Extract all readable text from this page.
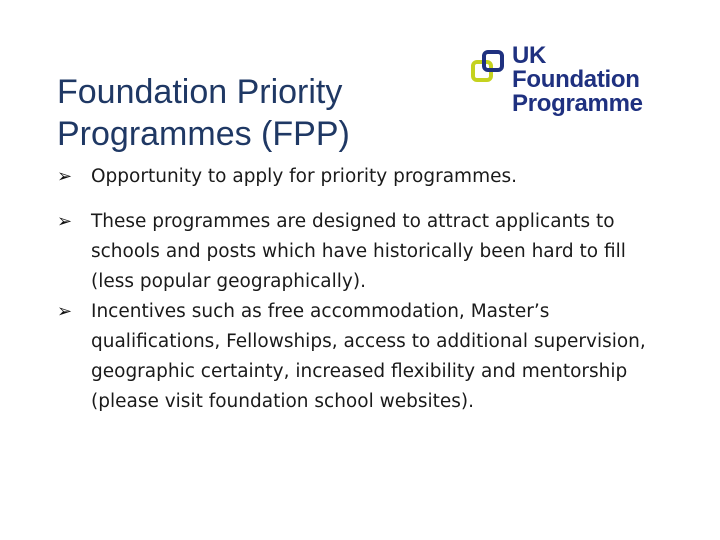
Foundation Priority
Programmes (FPP)
UK
Foundation
Programme
➢ Opportunity to apply for priority programmes.
➢ These programmes are designed to attract applicants to schools and posts which have historically been hard to fill (less popular geographically).
➢ Incentives such as free accommodation, Master’s qualifications, Fellowships, access to additional supervision, geographic certainty, increased flexibility and mentorship (please visit foundation school websites).
